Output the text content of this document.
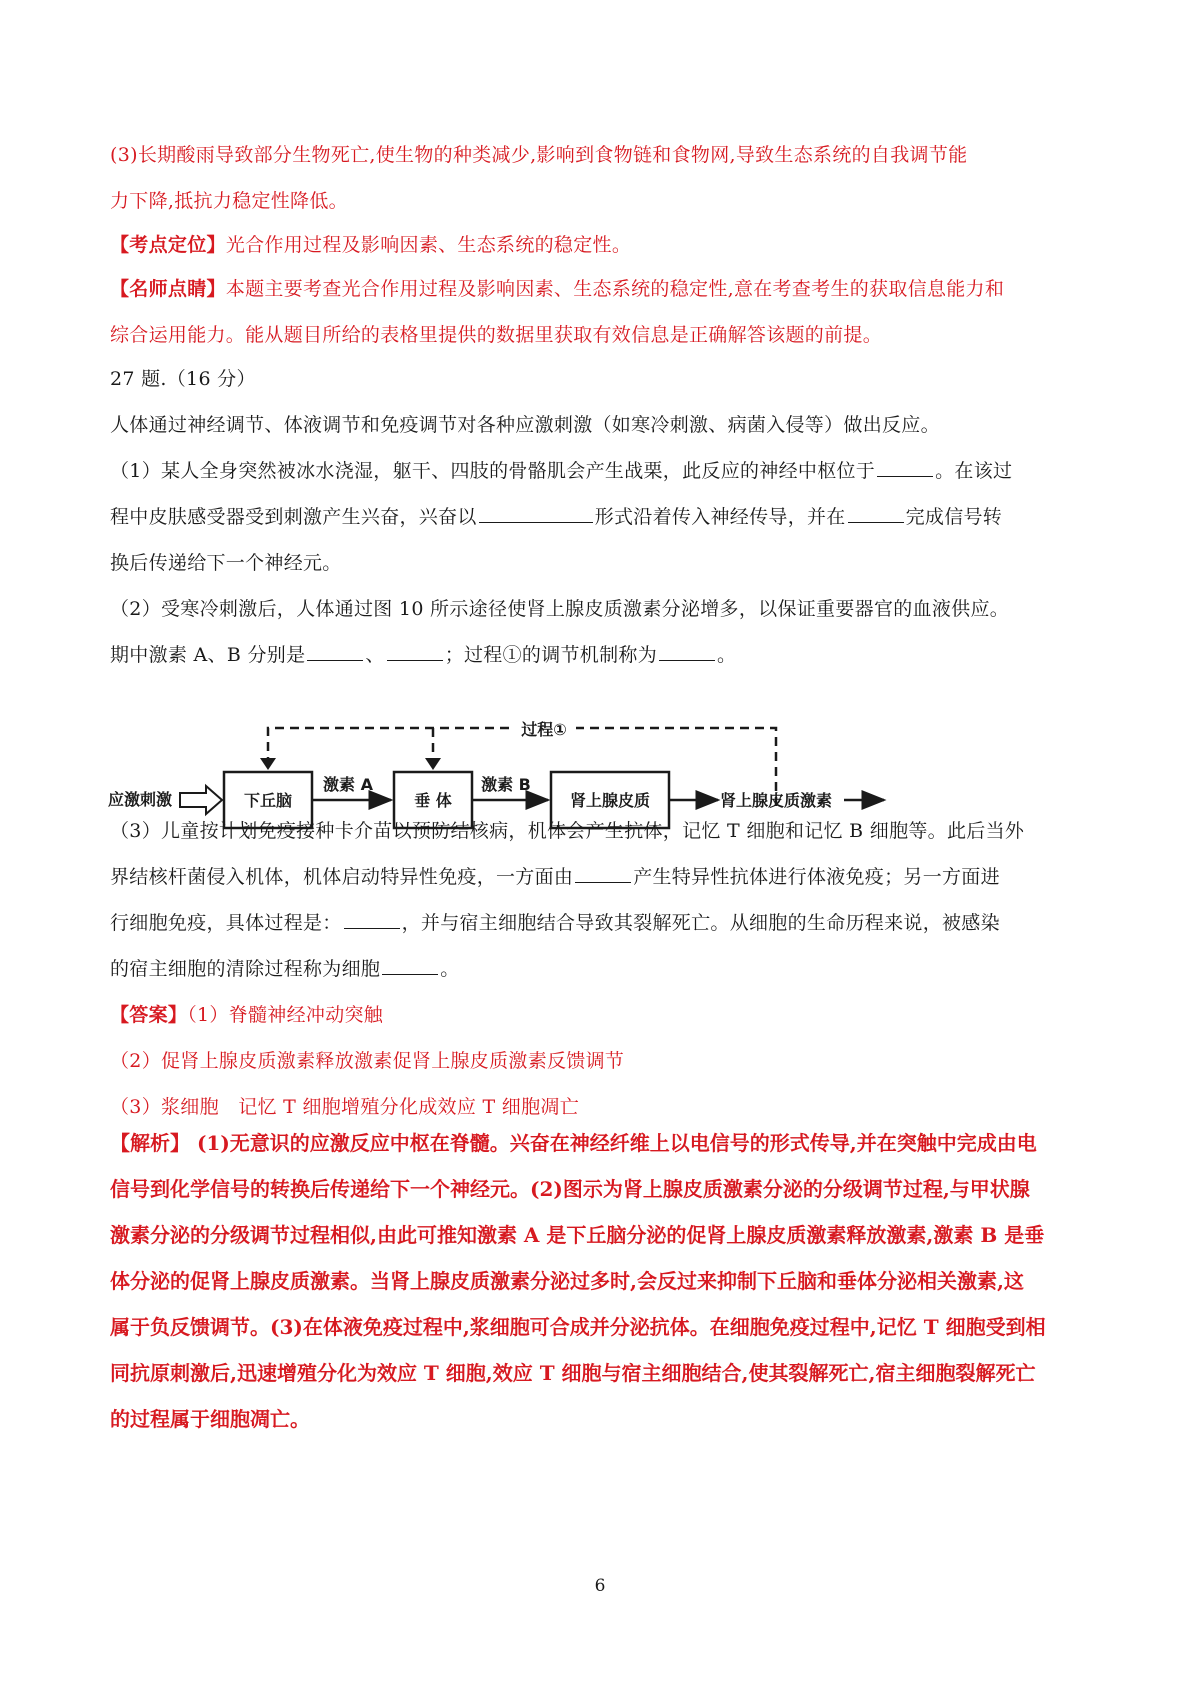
(3)长期酸雨导致部分生物死亡,使生物的种类减少,影响到食物链和食物网,导致生态系统的自我调节能
力下降,抵抗力稳定性降低。
【考点定位】光合作用过程及影响因素、生态系统的稳定性。
【名师点睛】本题主要考查光合作用过程及影响因素、生态系统的稳定性,意在考查考生的获取信息能力和
综合运用能力。能从题目所给的表格里提供的数据里获取有效信息是正确解答该题的前提。
27 题.（16 分）
人体通过神经调节、体液调节和免疫调节对各种应激刺激（如寒冷刺激、病菌入侵等）做出反应。
（1）某人全身突然被冰水浇湿，躯干、四肢的骨骼肌会产生战栗，此反应的神经中枢位于	。在该过
程中皮肤感受器受到刺激产生兴奋，兴奋以	形式沿着传入神经传导，并在	完成信号转
换后传递给下一个神经元。
（2）受寒冷刺激后，人体通过图 10 所示途径使肾上腺皮质激素分泌增多，以保证重要器官的血液供应。
期中激素 A、B 分别是	、	；过程①的调节机制称为	。
过程①
应激刺激	下丘脑
激素 A
垂 体
激素 B
肾上腺皮质	肾上腺皮质激素
（3）儿童按计划免疫接种卡介苗以预防结核病，机体会产生抗体，记忆 T 细胞和记忆 B 细胞等。此后当外
界结核杆菌侵入机体，机体启动特异性免疫，一方面由	产生特异性抗体进行体液免疫；另一方面进
行细胞免疫，具体过程是：	，并与宿主细胞结合导致其裂解死亡。从细胞的生命历程来说，被感染
的宿主细胞的清除过程称为细胞	。
【答案】（1）脊髓神经冲动突触
（2）促肾上腺皮质激素释放激素促肾上腺皮质激素反馈调节
（3）浆细胞　记忆 T 细胞增殖分化成效应 T 细胞凋亡
【解析】 (1)无意识的应激反应中枢在脊髓。兴奋在神经纤维上以电信号的形式传导,并在突触中完成由电
信号到化学信号的转换后传递给下一个神经元。(2)图示为肾上腺皮质激素分泌的分级调节过程,与甲状腺
激素分泌的分级调节过程相似,由此可推知激素 A 是下丘脑分泌的促肾上腺皮质激素释放激素,激素 B 是垂
体分泌的促肾上腺皮质激素。当肾上腺皮质激素分泌过多时,会反过来抑制下丘脑和垂体分泌相关激素,这
属于负反馈调节。(3)在体液免疫过程中,浆细胞可合成并分泌抗体。在细胞免疫过程中,记忆 T 细胞受到相
同抗原刺激后,迅速增殖分化为效应 T 细胞,效应 T 细胞与宿主细胞结合,使其裂解死亡,宿主细胞裂解死亡
的过程属于细胞凋亡。
6
